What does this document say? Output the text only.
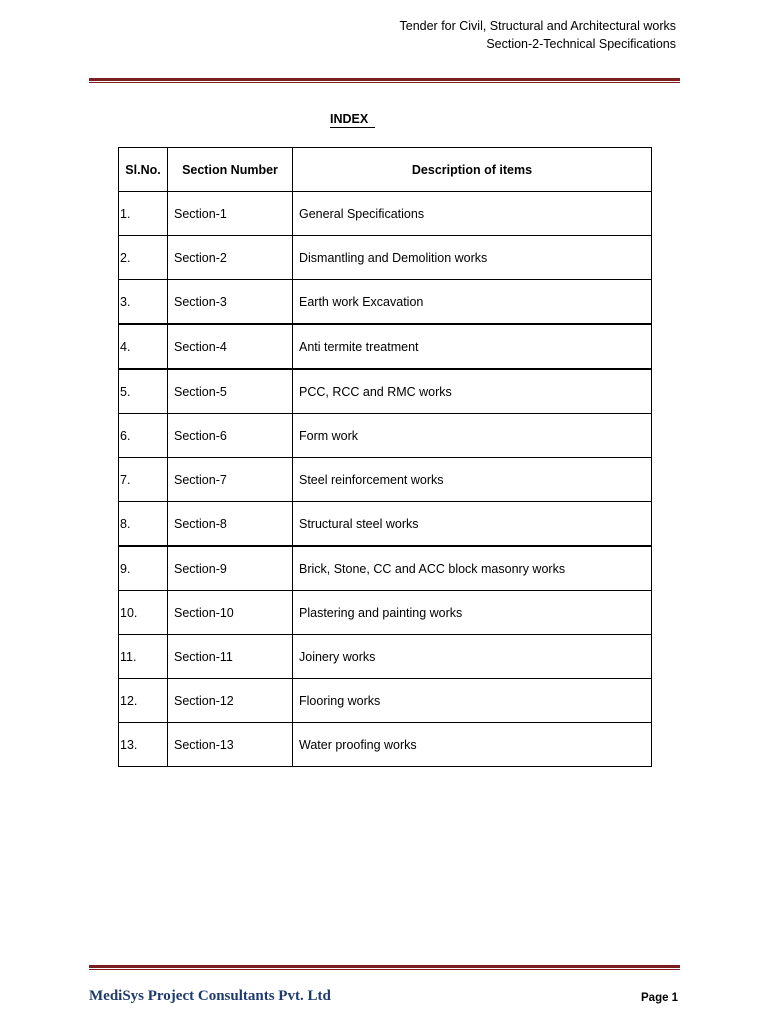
Tender for Civil, Structural and Architectural works
Section-2-Technical Specifications
INDEX
Sl.No.	Section Number	Description of items
1.	Section-1	General Specifications
2.	Section-2	Dismantling and Demolition works
3.	Section-3	Earth work Excavation
4.	Section-4	Anti termite treatment
5.	Section-5	PCC, RCC and RMC works
6.	Section-6	Form work
7.	Section-7	Steel reinforcement works
8.	Section-8	Structural steel works
9.	Section-9	Brick, Stone, CC and ACC block masonry works
10.	Section-10	Plastering and painting works
11.	Section-11	Joinery works
12.	Section-12	Flooring works
13.	Section-13	Water proofing works
MediSys Project Consultants Pvt. Ltd	Page 1
